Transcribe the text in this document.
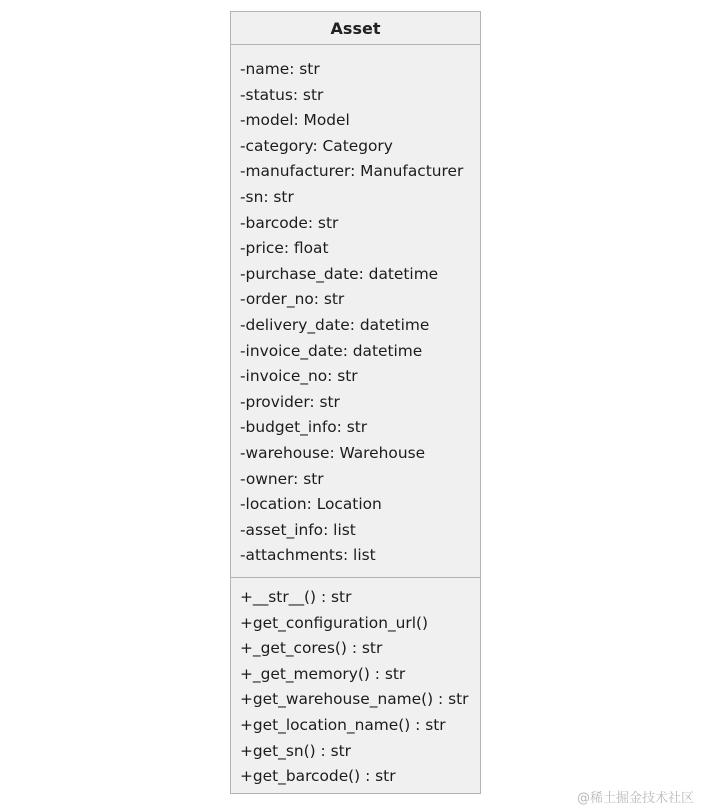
Asset
-name: str
-status: str
-model: Model
-category: Category
-manufacturer: Manufacturer
-sn: str
-barcode: str
-price: float
-purchase_date: datetime
-order_no: str
-delivery_date: datetime
-invoice_date: datetime
-invoice_no: str
-provider: str
-budget_info: str
-warehouse: Warehouse
-owner: str
-location: Location
-asset_info: list
-attachments: list
+__str__() : str
+get_configuration_url()
+_get_cores() : str
+_get_memory() : str
+get_warehouse_name() : str
+get_location_name() : str
+get_sn() : str
+get_barcode() : str
@稀土掘金技术社区
